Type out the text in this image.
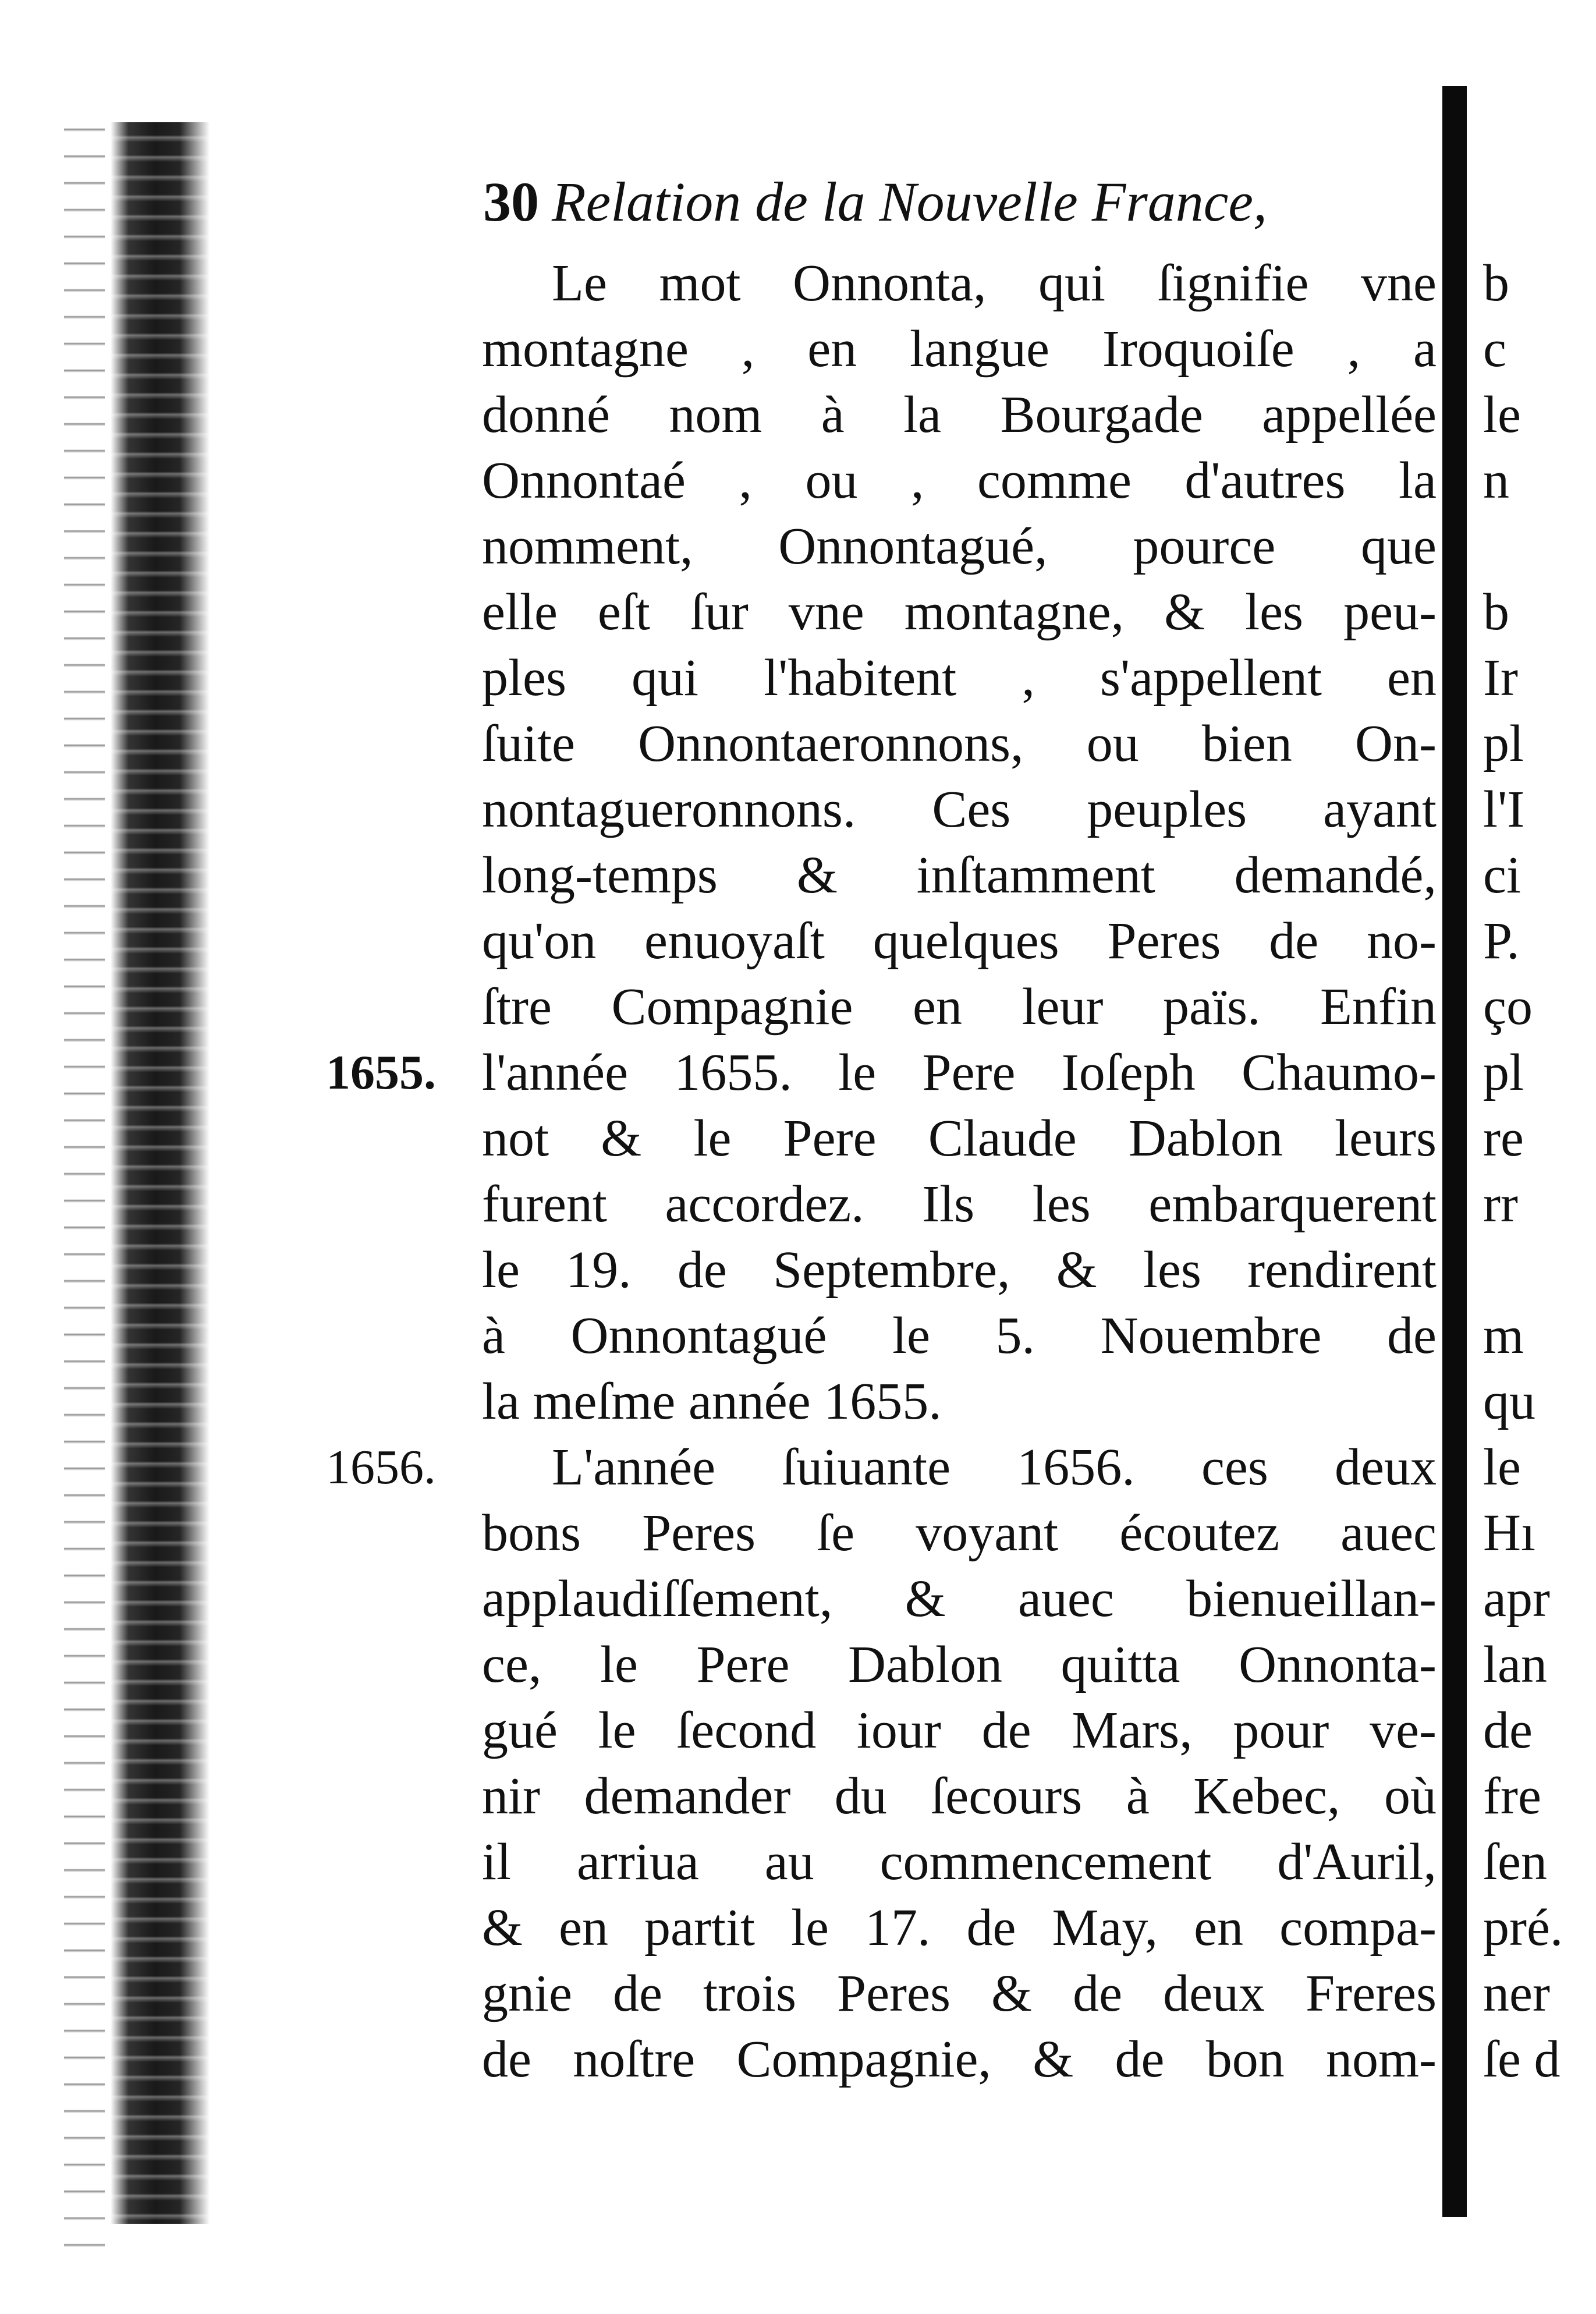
30 Relation de la Nouvelle France,
Le mot Onnonta, qui ſignifie vne
montagne , en langue Iroquoiſe , a
donné nom à la Bourgade appellée
Onnontaé , ou , comme d'autres la
nomment, Onnontagué, pource que
elle eſt ſur vne montagne, & les peu-
ples qui l'habitent , s'appellent en
ſuite Onnontaeronnons, ou bien On-
nontagueronnons. Ces peuples ayant
long-temps & inſtamment demandé,
qu'on enuoyaſt quelques Peres de no-
ſtre Compagnie en leur païs. Enfin
l'année 1655. le Pere Ioſeph Chaumo-
not & le Pere Claude Dablon leurs
furent accordez. Ils les embarquerent
le 19. de Septembre, & les rendirent
à Onnontagué le 5. Nouembre de
la meſme année 1655.
L'année ſuiuante 1656. ces deux
bons Peres ſe voyant écoutez auec
applaudiſſement, & auec bienueillan-
ce, le Pere Dablon quitta Onnonta-
gué le ſecond iour de Mars, pour ve-
nir demander du ſecours à Kebec, où
il arriua au commencement d'Auril,
& en partit le 17. de May, en compa-
gnie de trois Peres & de deux Freres
de noſtre Compagnie, & de bon nom-
1655.
1656.
b
c
le
n
b
Ir
pl
l'I
ci
P.
ço
pl
re
rr
m
qu
le
Hı
apr
lan
de
fre
ſen
pré.
ner
ſe d
